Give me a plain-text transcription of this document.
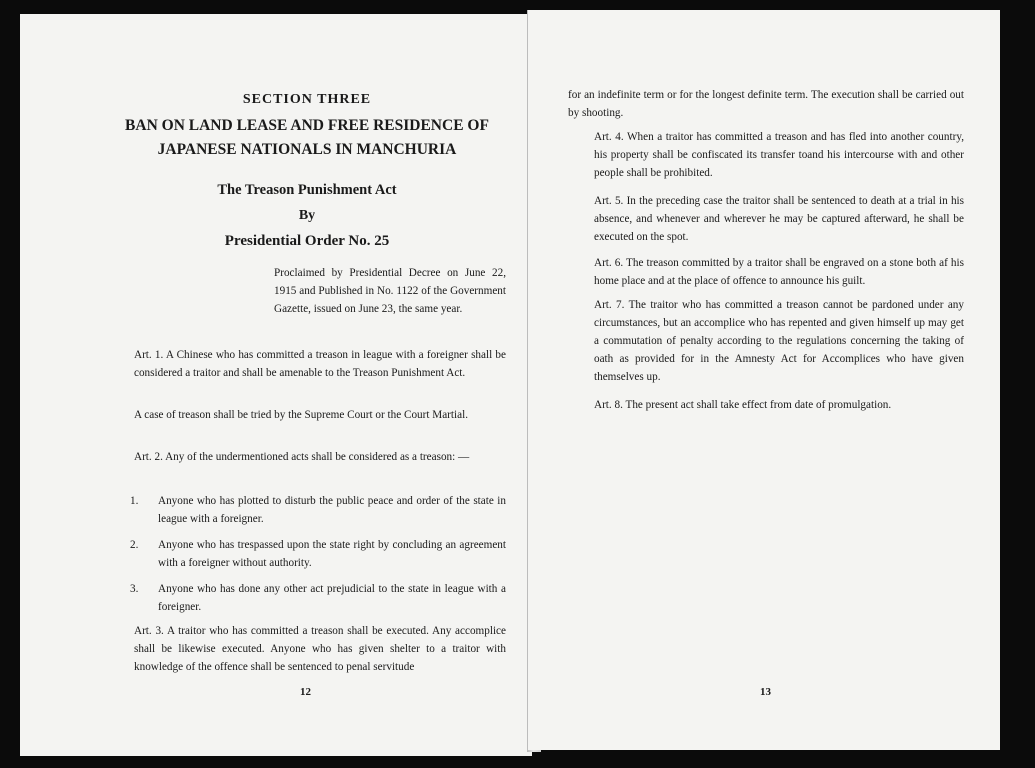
SECTION THREE
BAN ON LAND LEASE AND FREE RESIDENCE OF
JAPANESE NATIONALS IN MANCHURIA
The Treason Punishment Act
By
Presidential Order No. 25
Proclaimed by Presidential Decree on June 22, 1915 and Published in No. 1122 of the Government Gazette, issued on June 23, the same year.
Art. 1. A Chinese who has committed a treason in league with a foreigner shall be considered a traitor and shall be amenable to the Treason Punishment Act.
A case of treason shall be tried by the Supreme Court or the Court Martial.
Art. 2. Any of the undermentioned acts shall be considered as a treason: —
1. Anyone who has plotted to disturb the public peace and order of the state in league with a foreigner.
2. Anyone who has trespassed upon the state right by concluding an agreement with a foreigner without authority.
3. Anyone who has done any other act prejudicial to the state in league with a foreigner.
Art. 3. A traitor who has committed a treason shall be executed. Any accomplice shall be likewise executed. Anyone who has given shelter to a traitor with knowledge of the offence shall be sentenced to penal servitude
12
for an indefinite term or for the longest definite term. The execution shall be carried out by shooting.
Art. 4. When a traitor has committed a treason and has fled into another country, his property shall be confiscated its transfer toand his intercourse with and other people shall be prohibited.
Art. 5. In the preceding case the traitor shall be sentenced to death at a trial in his absence, and whenever and wherever he may be captured afterward, he shall be executed on the spot.
Art. 6. The treason committed by a traitor shall be engraved on a stone both af his home place and at the place of offence to announce his guilt.
Art. 7. The traitor who has committed a treason cannot be pardoned under any circumstances, but an accomplice who has repented and given himself up may get a commutation of penalty according to the regulations concerning the taking of oath as provided for in the Amnesty Act for Accomplices who have given themselves up.
Art. 8. The present act shall take effect from date of promulgation.
13
